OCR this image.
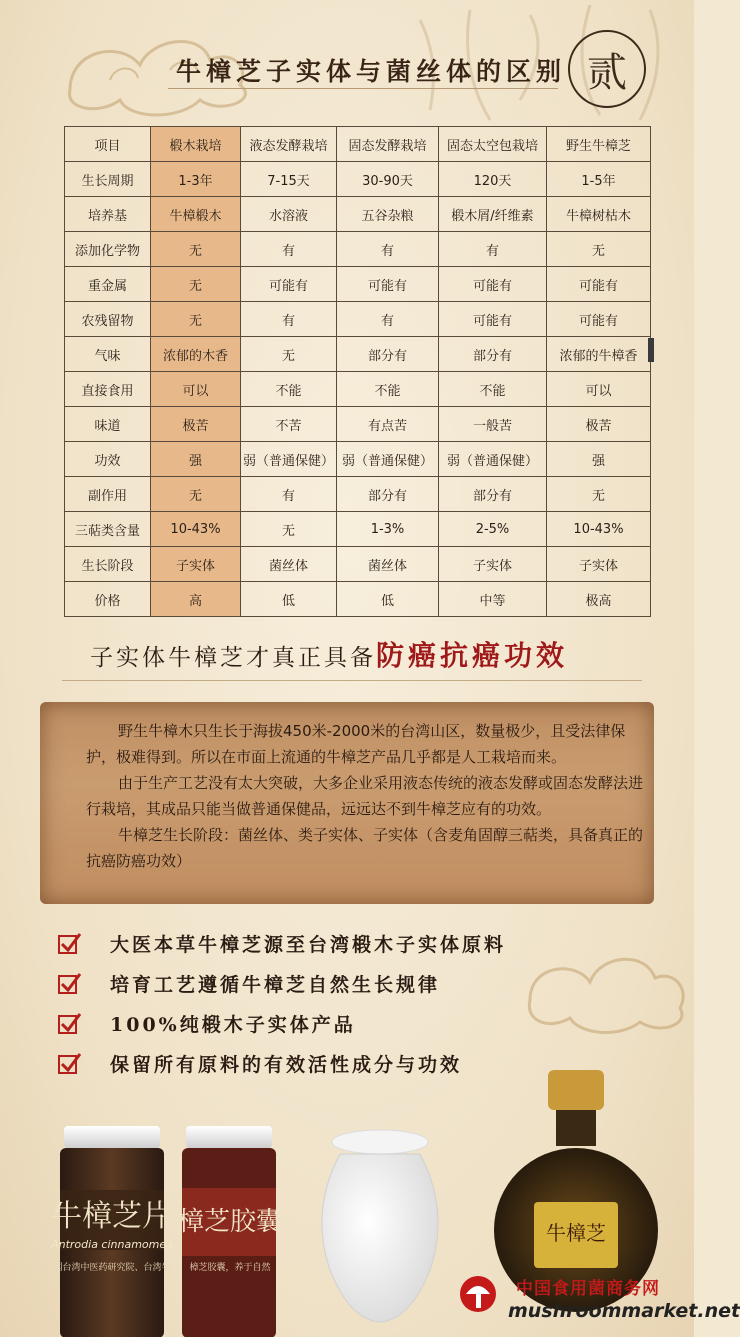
牛樟芝子实体与菌丝体的区别 贰
项目	椴木栽培	液态发酵栽培	固态发酵栽培	固态太空包栽培	野生牛樟芝
生长周期	1-3年	7-15天	30-90天	120天	1-5年
培养基	牛樟椴木	水溶液	五谷杂粮	椴木屑/纤维素	牛樟树枯木
添加化学物	无	有	有	有	无
重金属	无	可能有	可能有	可能有	可能有
农残留物	无	有	有	可能有	可能有
气味	浓郁的木香	无	部分有	部分有	浓郁的牛樟香
直接食用	可以	不能	不能	不能	可以
味道	极苦	不苦	有点苦	一般苦	极苦
功效	强	弱（普通保健）	弱（普通保健）	弱（普通保健）	强
副作用	无	有	部分有	部分有	无
三萜类含量	10-43%	无	1-3%	2-5%	10-43%
生长阶段	子实体	菌丝体	菌丝体	子实体	子实体
价格	高	低	低	中等	极高
子实体牛樟芝才真正具备防癌抗癌功效

野生牛樟木只生长于海拔450米-2000米的台湾山区，数量极少，且受法律保护，极难得到。所以在市面上流通的牛樟芝产品几乎都是人工栽培而来。

由于生产工艺没有太大突破，大多企业采用液态传统的液态发酵或固态发酵法进行栽培，其成品只能当做普通保健品，远远达不到牛樟芝应有的功效。

牛樟芝生长阶段：菌丝体、类子实体、子实体（含麦角固醇三萜类，具备真正的抗癌防癌功效）

大医本草牛樟芝源至台湾椴木子实体原料
培育工艺遵循牛樟芝自然生长规律
100%纯椴木子实体产品
保留所有原料的有效活性成分与功效
牛樟芝片
Antrodia cinnamomea
国台湾中医药研究院、台湾牛
樟芝胶囊
樟芝胶囊，养于自然
牛樟芝
中国食用菌商务网
mushroommarket.net
